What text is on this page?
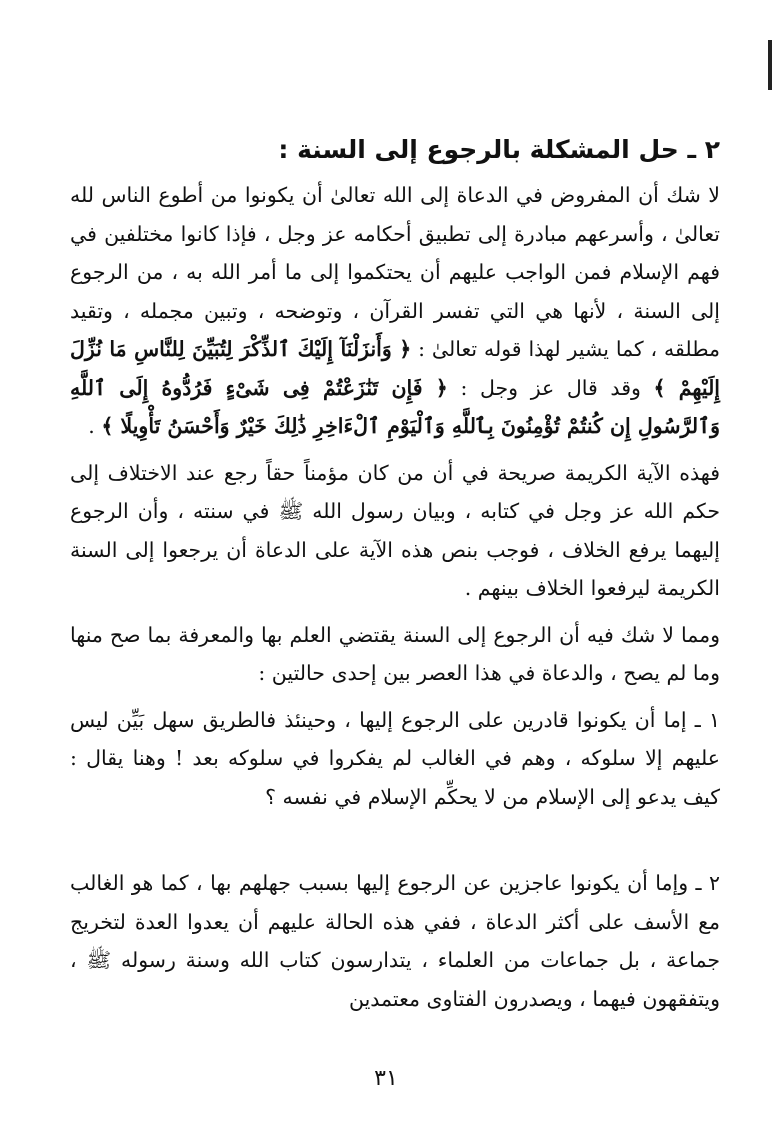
٢ ـ حل المشكلة بالرجوع إلى السنة :

لا شك أن المفروض في الدعاة إلى الله تعالىٰ أن يكونوا من أطوع الناس لله تعالىٰ ، وأسرعهم مبادرة إلى تطبيق أحكامه عز وجل ، فإذا كانوا مختلفين في فهم الإسلام فمن الواجب عليهم أن يحتكموا إلى ما أمر الله به ، من الرجوع إلى السنة ، لأنها هي التي تفسر القرآن ، وتوضحه ، وتبين مجمله ، وتقيد مطلقه ، كما يشير لهذا قوله تعالىٰ : ﴿ وَأَنزَلْنَآ إِلَيْكَ ٱلذِّكْرَ لِتُبَيِّنَ لِلنَّاسِ مَا نُزِّلَ إِلَيْهِمْ ﴾ وقد قال عز وجل : ﴿ فَإِن تَنَٰزَعْتُمْ فِى شَىْءٍ فَرُدُّوهُ إِلَى ٱللَّهِ وَٱلرَّسُولِ إِن كُنتُمْ تُؤْمِنُونَ بِٱللَّهِ وَٱلْيَوْمِ ٱلْءَاخِرِ ذَٰلِكَ خَيْرٌ وَأَحْسَنُ تَأْوِيلًا ﴾ .

فهذه الآية الكريمة صريحة في أن من كان مؤمناً حقاً رجع عند الاختلاف إلى حكم الله عز وجل في كتابه ، وبيان رسول الله ﷺ في سنته ، وأن الرجوع إليهما يرفع الخلاف ، فوجب بنص هذه الآية على الدعاة أن يرجعوا إلى السنة الكريمة ليرفعوا الخلاف بينهم .

ومما لا شك فيه أن الرجوع إلى السنة يقتضي العلم بها والمعرفة بما صح منها وما لم يصح ، والدعاة في هذا العصر بين إحدى حالتين :

١ ـ إما أن يكونوا قادرين على الرجوع إليها ، وحينئذ فالطريق سهل بَيِّن ليس عليهم إلا سلوكه ، وهم في الغالب لم يفكروا في سلوكه بعد ! وهنا يقال : كيف يدعو إلى الإسلام من لا يحكِّم الإسلام في نفسه ؟

٢ ـ وإما أن يكونوا عاجزين عن الرجوع إليها بسبب جهلهم بها ، كما هو الغالب مع الأسف على أكثر الدعاة ، ففي هذه الحالة عليهم أن يعدوا العدة لتخريج جماعة ، بل جماعات من العلماء ، يتدارسون كتاب الله وسنة رسوله ﷺ ، ويتفقهون فيهما ، ويصدرون الفتاوى معتمدين

٣١
